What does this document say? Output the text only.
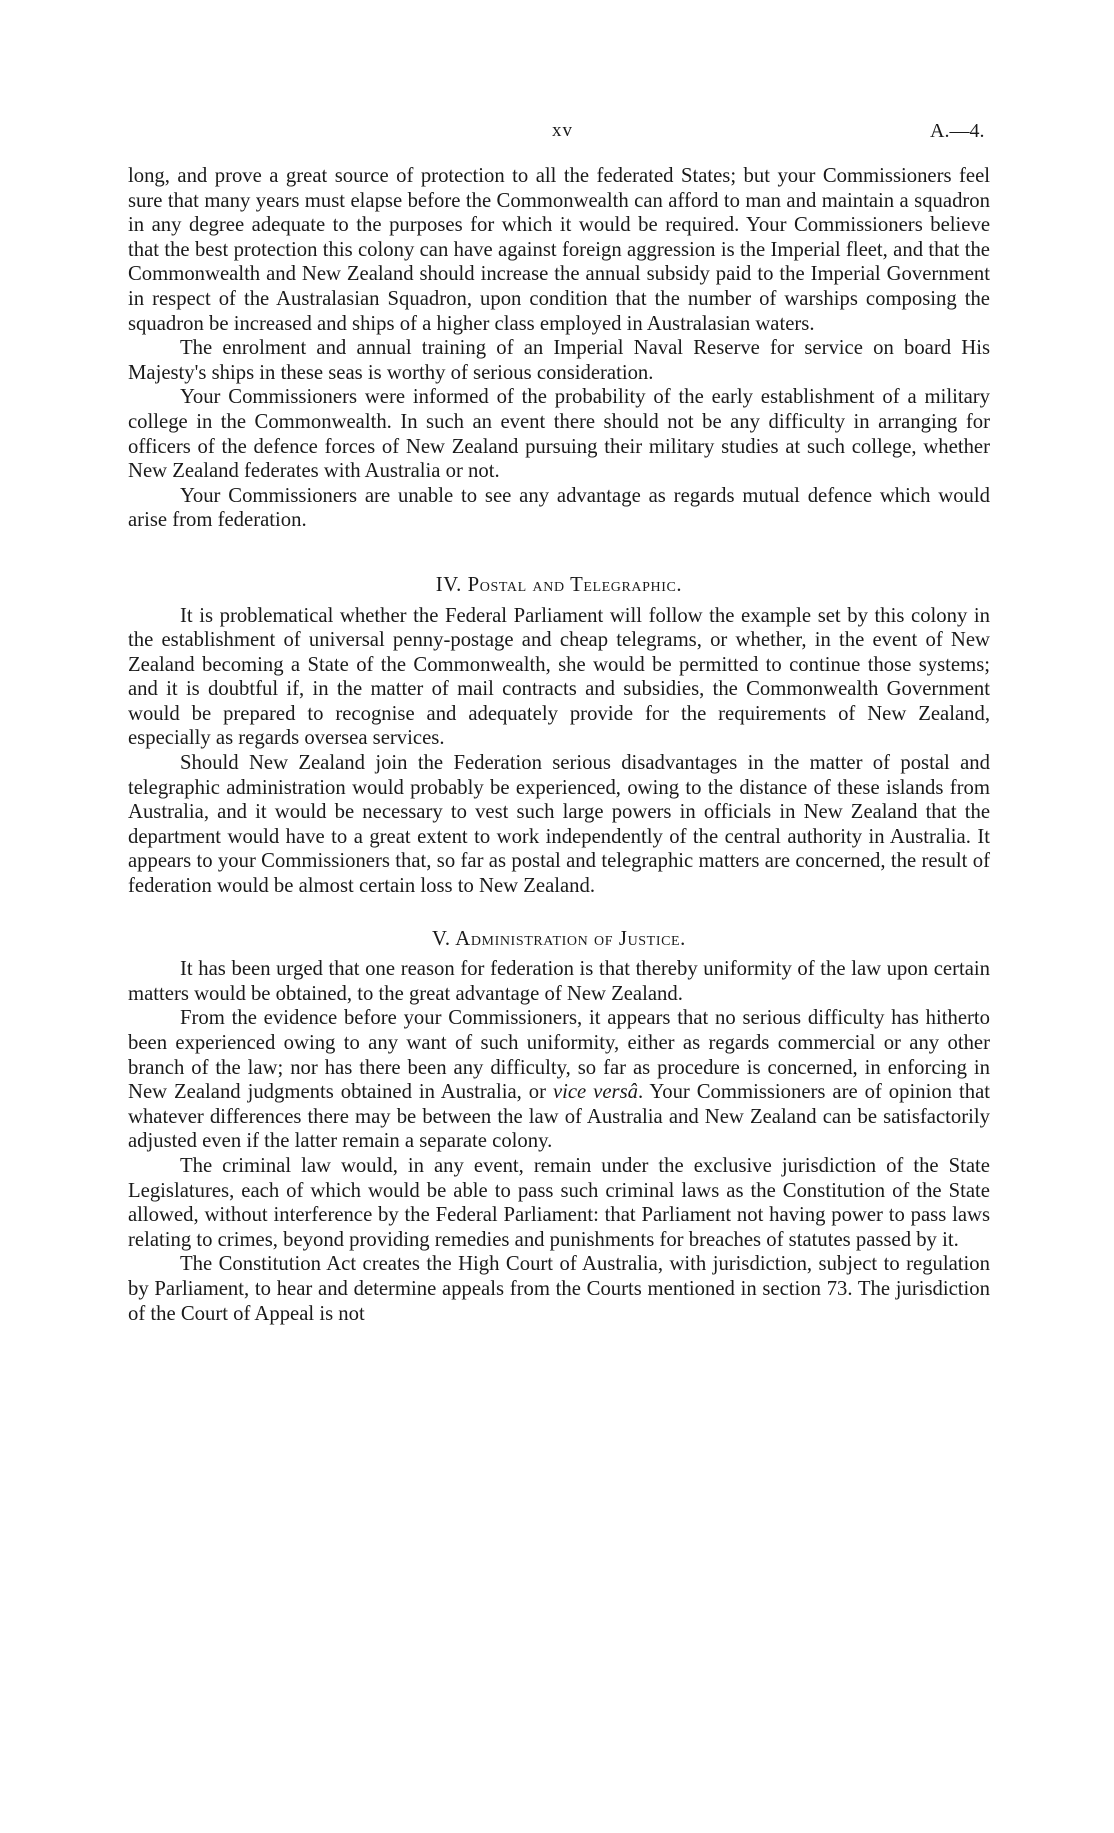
xv	A.—4.

long, and prove a great source of protection to all the federated States; but your Commissioners feel sure that many years must elapse before the Commonwealth can afford to man and maintain a squadron in any degree adequate to the purposes for which it would be required. Your Commissioners believe that the best protection this colony can have against foreign aggression is the Imperial fleet, and that the Commonwealth and New Zealand should increase the annual subsidy paid to the Imperial Government in respect of the Australasian Squadron, upon condition that the number of warships composing the squadron be increased and ships of a higher class employed in Australasian waters.

The enrolment and annual training of an Imperial Naval Reserve for service on board His Majesty's ships in these seas is worthy of serious consideration.

Your Commissioners were informed of the probability of the early establishment of a military college in the Commonwealth. In such an event there should not be any difficulty in arranging for officers of the defence forces of New Zealand pursuing their military studies at such college, whether New Zealand federates with Australia or not.

Your Commissioners are unable to see any advantage as regards mutual defence which would arise from federation.

IV. Postal and Telegraphic.

It is problematical whether the Federal Parliament will follow the example set by this colony in the establishment of universal penny-postage and cheap telegrams, or whether, in the event of New Zealand becoming a State of the Commonwealth, she would be permitted to continue those systems; and it is doubtful if, in the matter of mail contracts and subsidies, the Commonwealth Government would be prepared to recognise and adequately provide for the requirements of New Zealand, especially as regards oversea services.

Should New Zealand join the Federation serious disadvantages in the matter of postal and telegraphic administration would probably be experienced, owing to the distance of these islands from Australia, and it would be necessary to vest such large powers in officials in New Zealand that the department would have to a great extent to work independently of the central authority in Australia. It appears to your Commissioners that, so far as postal and telegraphic matters are concerned, the result of federation would be almost certain loss to New Zealand.

V. Administration of Justice.

It has been urged that one reason for federation is that thereby uniformity of the law upon certain matters would be obtained, to the great advantage of New Zealand.

From the evidence before your Commissioners, it appears that no serious difficulty has hitherto been experienced owing to any want of such uniformity, either as regards commercial or any other branch of the law; nor has there been any difficulty, so far as procedure is concerned, in enforcing in New Zealand judgments obtained in Australia, or vice versâ. Your Commissioners are of opinion that whatever differences there may be between the law of Australia and New Zealand can be satisfactorily adjusted even if the latter remain a separate colony.

The criminal law would, in any event, remain under the exclusive jurisdiction of the State Legislatures, each of which would be able to pass such criminal laws as the Constitution of the State allowed, without interference by the Federal Parliament: that Parliament not having power to pass laws relating to crimes, beyond providing remedies and punishments for breaches of statutes passed by it.

The Constitution Act creates the High Court of Australia, with jurisdiction, subject to regulation by Parliament, to hear and determine appeals from the Courts mentioned in section 73. The jurisdiction of the Court of Appeal is not
